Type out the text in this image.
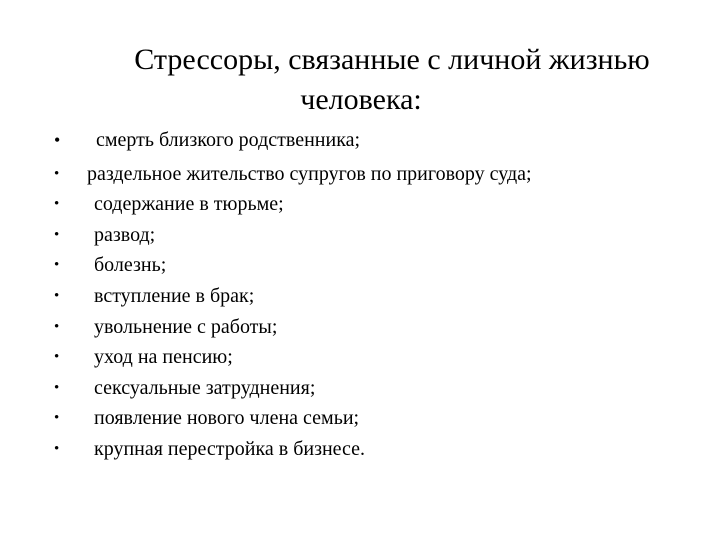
Стрессоры, связанные с личной жизнью
человека:
•	смерть близкого родственника;
•	раздельное жительство супругов по приговору суда;
•	содержание в тюрьме;
•	развод;
•	болезнь;
•	вступление в брак;
•	увольнение с работы;
•	уход на пенсию;
•	сексуальные затруднения;
•	появление нового члена семьи;
•	крупная перестройка в бизнесе.
